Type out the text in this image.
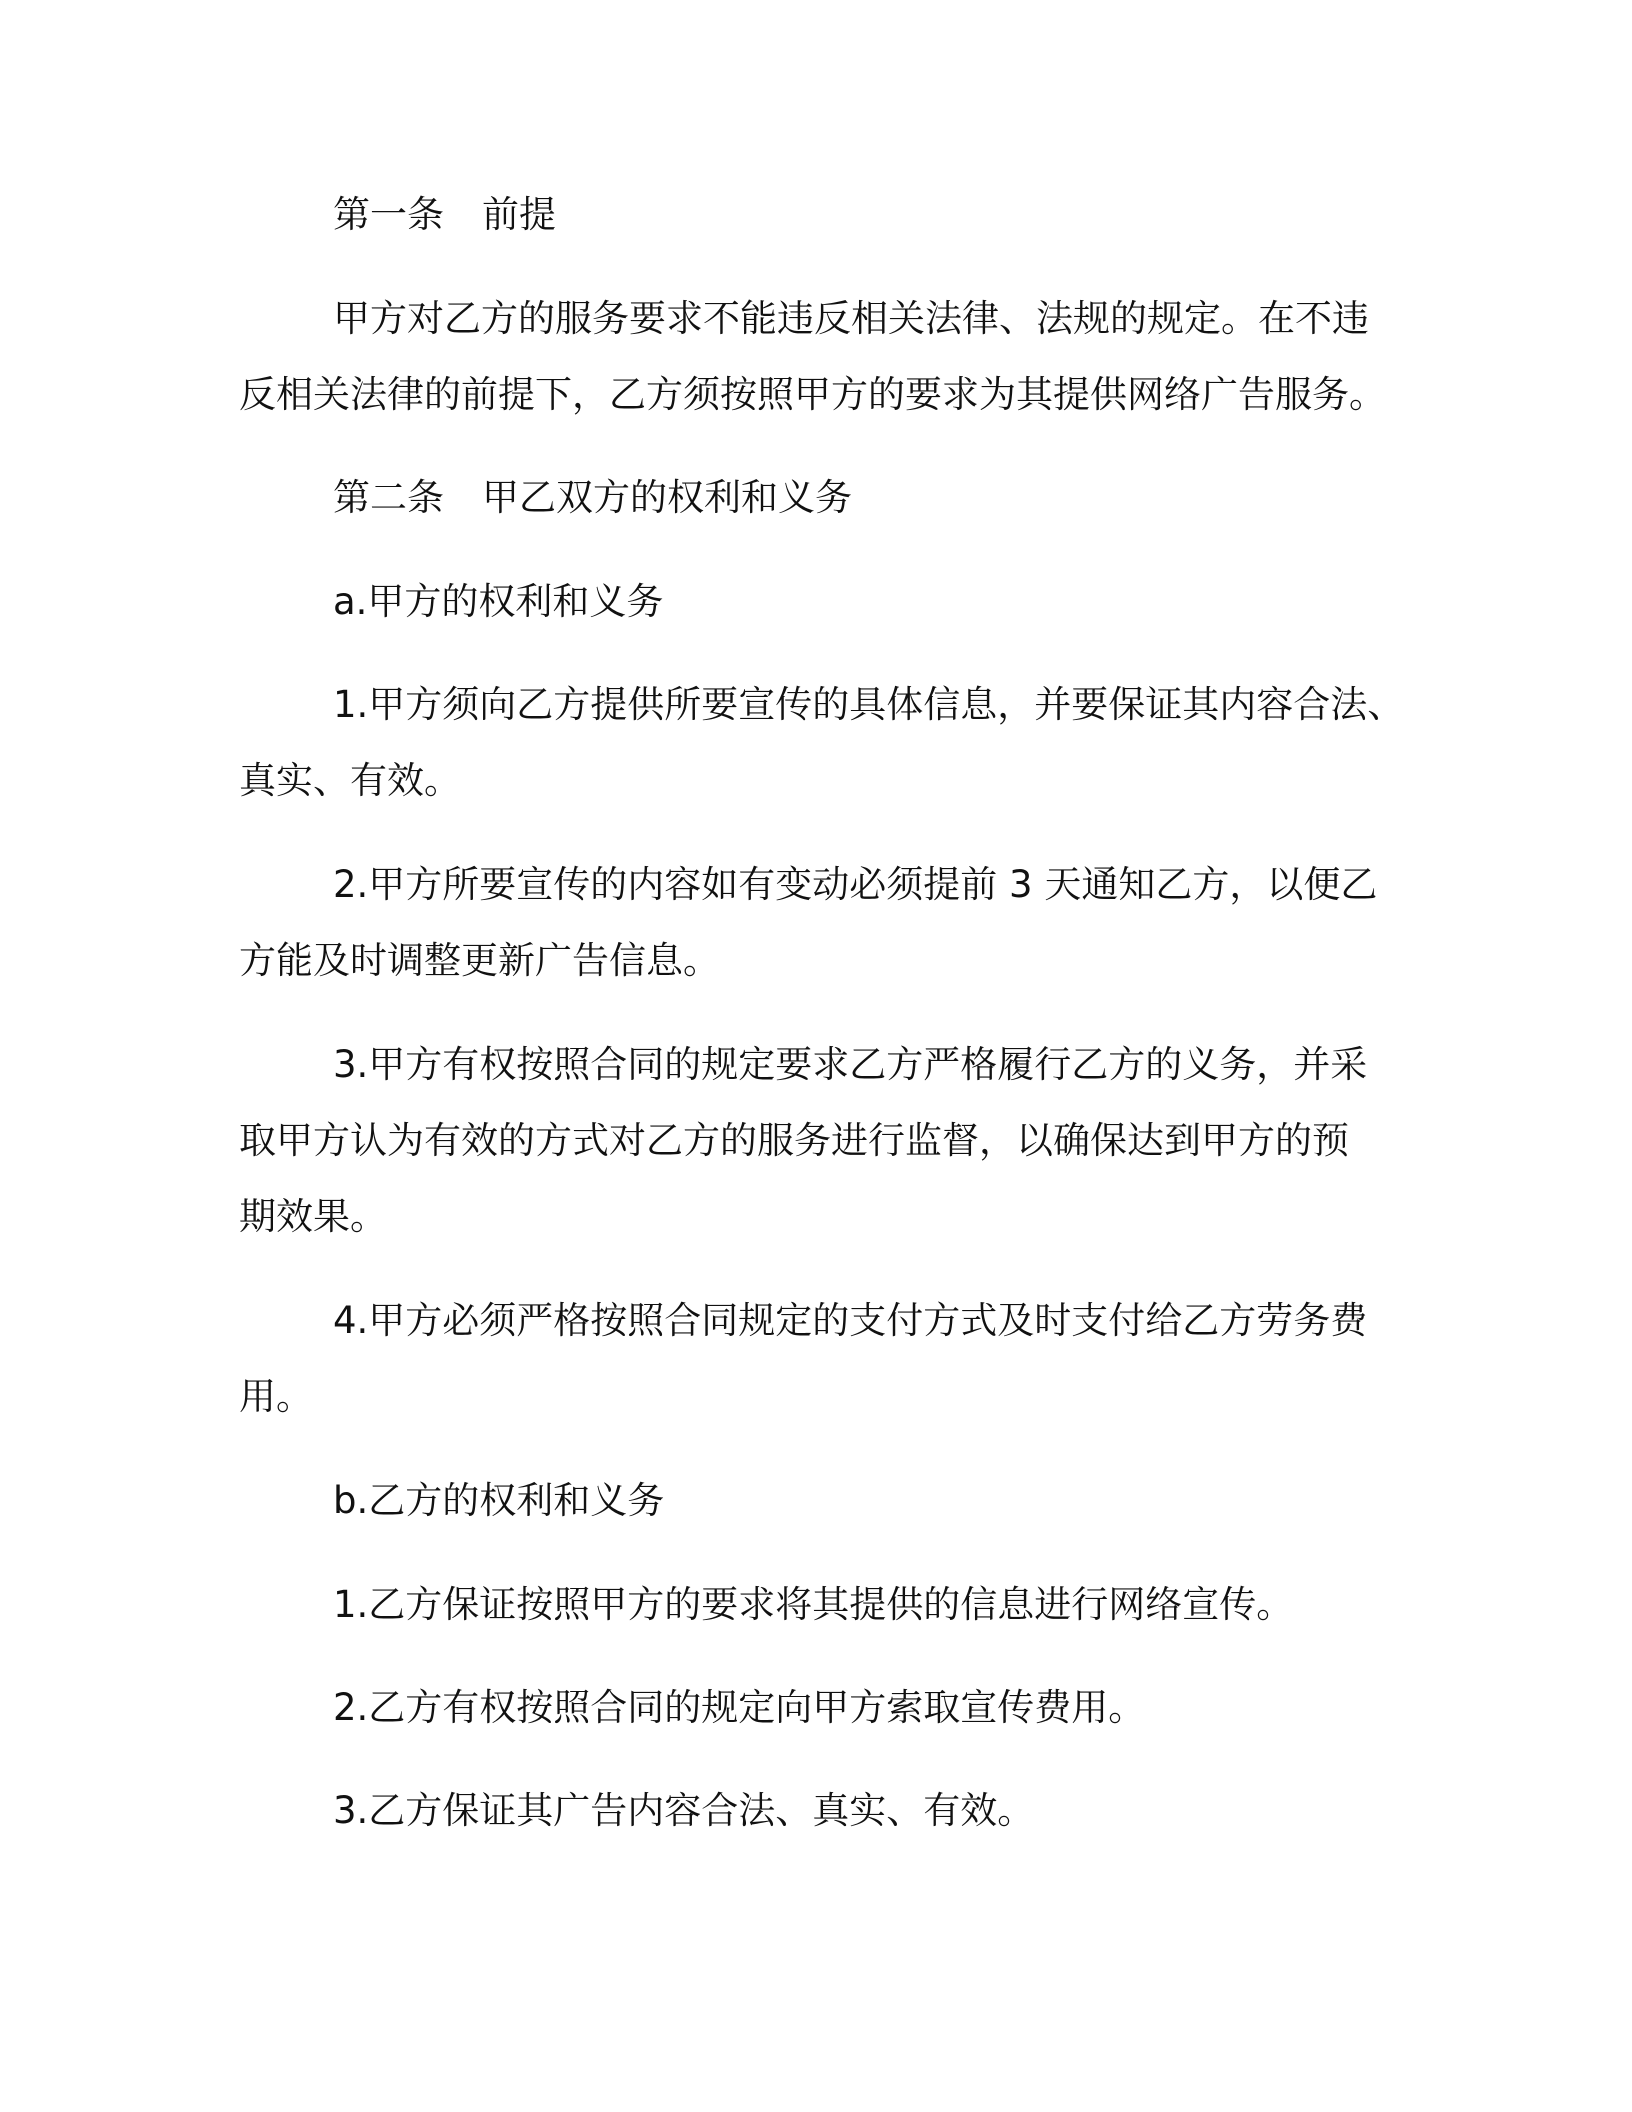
第一条 前提
甲方对乙方的服务要求不能违反相关法律、法规的规定。在不违
反相关法律的前提下，乙方须按照甲方的要求为其提供网络广告服务。
第二条 甲乙双方的权利和义务
a.甲方的权利和义务
1.甲方须向乙方提供所要宣传的具体信息，并要保证其内容合法、
真实、有效。
2.甲方所要宣传的内容如有变动必须提前 3 天通知乙方，以便乙
方能及时调整更新广告信息。
3.甲方有权按照合同的规定要求乙方严格履行乙方的义务，并采
取甲方认为有效的方式对乙方的服务进行监督，以确保达到甲方的预
期效果。
4.甲方必须严格按照合同规定的支付方式及时支付给乙方劳务费
用。
b.乙方的权利和义务
1.乙方保证按照甲方的要求将其提供的信息进行网络宣传。
2.乙方有权按照合同的规定向甲方索取宣传费用。
3.乙方保证其广告内容合法、真实、有效。
